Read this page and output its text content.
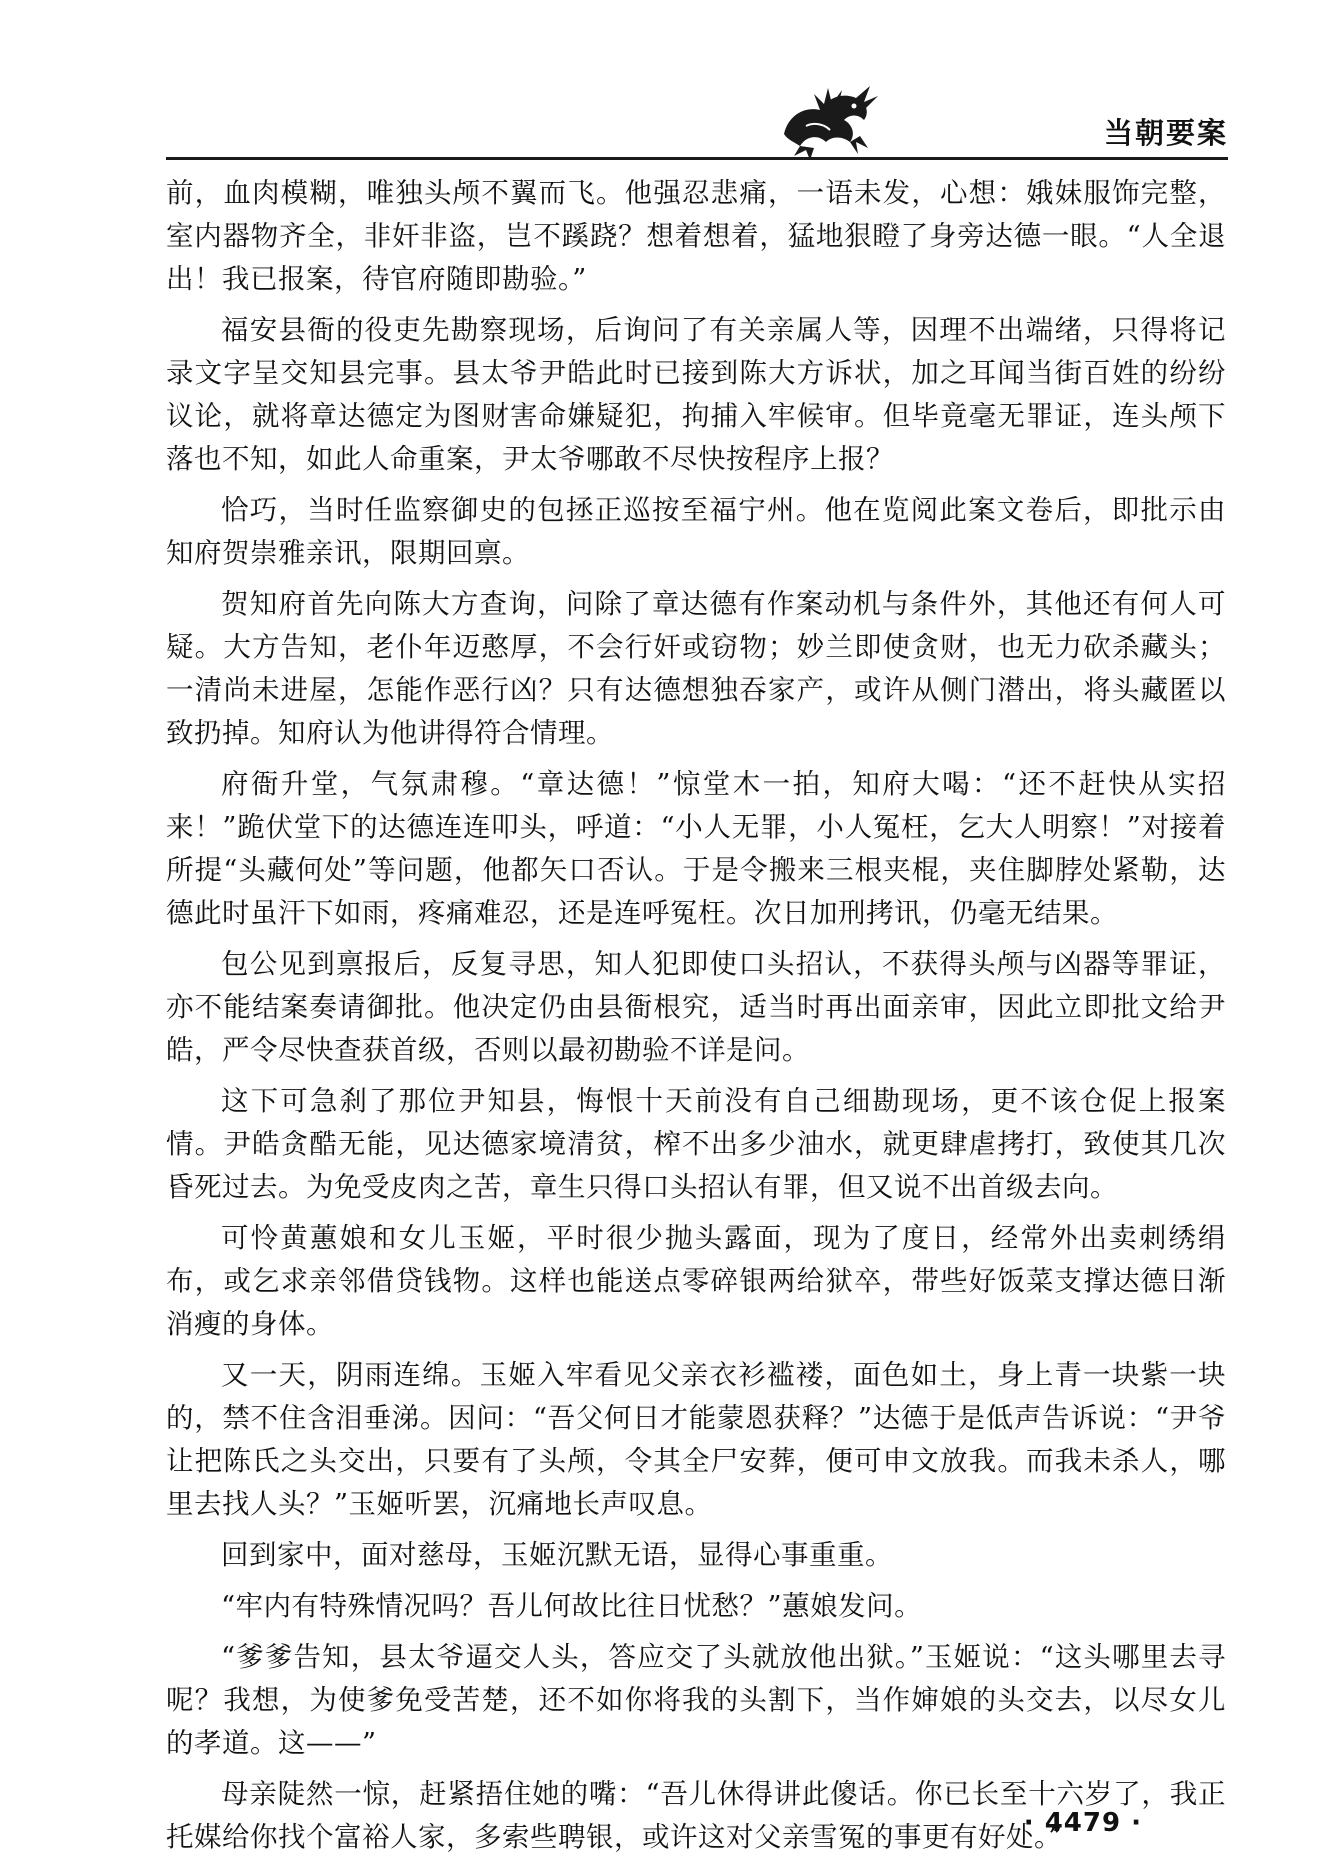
当朝要案

前，血肉模糊，唯独头颅不翼而飞。他强忍悲痛，一语未发，心想：娥妹服饰完整，室内器物齐全，非奸非盗，岂不蹊跷？想着想着，猛地狠瞪了身旁达德一眼。“人全退出！我已报案，待官府随即勘验。”

福安县衙的役吏先勘察现场，后询问了有关亲属人等，因理不出端绪，只得将记录文字呈交知县完事。县太爷尹皓此时已接到陈大方诉状，加之耳闻当街百姓的纷纷议论，就将章达德定为图财害命嫌疑犯，拘捕入牢候审。但毕竟毫无罪证，连头颅下落也不知，如此人命重案，尹太爷哪敢不尽快按程序上报？

恰巧，当时任监察御史的包拯正巡按至福宁州。他在览阅此案文卷后，即批示由知府贺崇雅亲讯，限期回禀。

贺知府首先向陈大方查询，问除了章达德有作案动机与条件外，其他还有何人可疑。大方告知，老仆年迈憨厚，不会行奸或窃物；妙兰即使贪财，也无力砍杀藏头；一清尚未进屋，怎能作恶行凶？只有达德想独吞家产，或许从侧门潜出，将头藏匿以致扔掉。知府认为他讲得符合情理。

府衙升堂，气氛肃穆。“章达德！”惊堂木一拍，知府大喝：“还不赶快从实招来！”跪伏堂下的达德连连叩头，呼道：“小人无罪，小人冤枉，乞大人明察！”对接着所提“头藏何处”等问题，他都矢口否认。于是令搬来三根夹棍，夹住脚脖处紧勒，达德此时虽汗下如雨，疼痛难忍，还是连呼冤枉。次日加刑拷讯，仍毫无结果。

包公见到禀报后，反复寻思，知人犯即使口头招认，不获得头颅与凶器等罪证，亦不能结案奏请御批。他决定仍由县衙根究，适当时再出面亲审，因此立即批文给尹皓，严令尽快查获首级，否则以最初勘验不详是问。

这下可急刹了那位尹知县，悔恨十天前没有自己细勘现场，更不该仓促上报案情。尹皓贪酷无能，见达德家境清贫，榨不出多少油水，就更肆虐拷打，致使其几次昏死过去。为免受皮肉之苦，章生只得口头招认有罪，但又说不出首级去向。

可怜黄蕙娘和女儿玉姬，平时很少抛头露面，现为了度日，经常外出卖刺绣绢布，或乞求亲邻借贷钱物。这样也能送点零碎银两给狱卒，带些好饭菜支撑达德日渐消瘦的身体。

又一天，阴雨连绵。玉姬入牢看见父亲衣衫褴褛，面色如土，身上青一块紫一块的，禁不住含泪垂涕。因问：“吾父何日才能蒙恩获释？”达德于是低声告诉说：“尹爷让把陈氏之头交出，只要有了头颅，令其全尸安葬，便可申文放我。而我未杀人，哪里去找人头？”玉姬听罢，沉痛地长声叹息。

回到家中，面对慈母，玉姬沉默无语，显得心事重重。

“牢内有特殊情况吗？吾儿何故比往日忧愁？”蕙娘发问。

“爹爹告知，县太爷逼交人头，答应交了头就放他出狱。”玉姬说：“这头哪里去寻呢？我想，为使爹免受苦楚，还不如你将我的头割下，当作婶娘的头交去，以尽女儿的孝道。这——”

母亲陡然一惊，赶紧捂住她的嘴：“吾儿休得讲此傻话。你已长至十六岁了，我正托媒给你找个富裕人家，多索些聘银，或许这对父亲雪冤的事更有好处。”

· 4479 ·
